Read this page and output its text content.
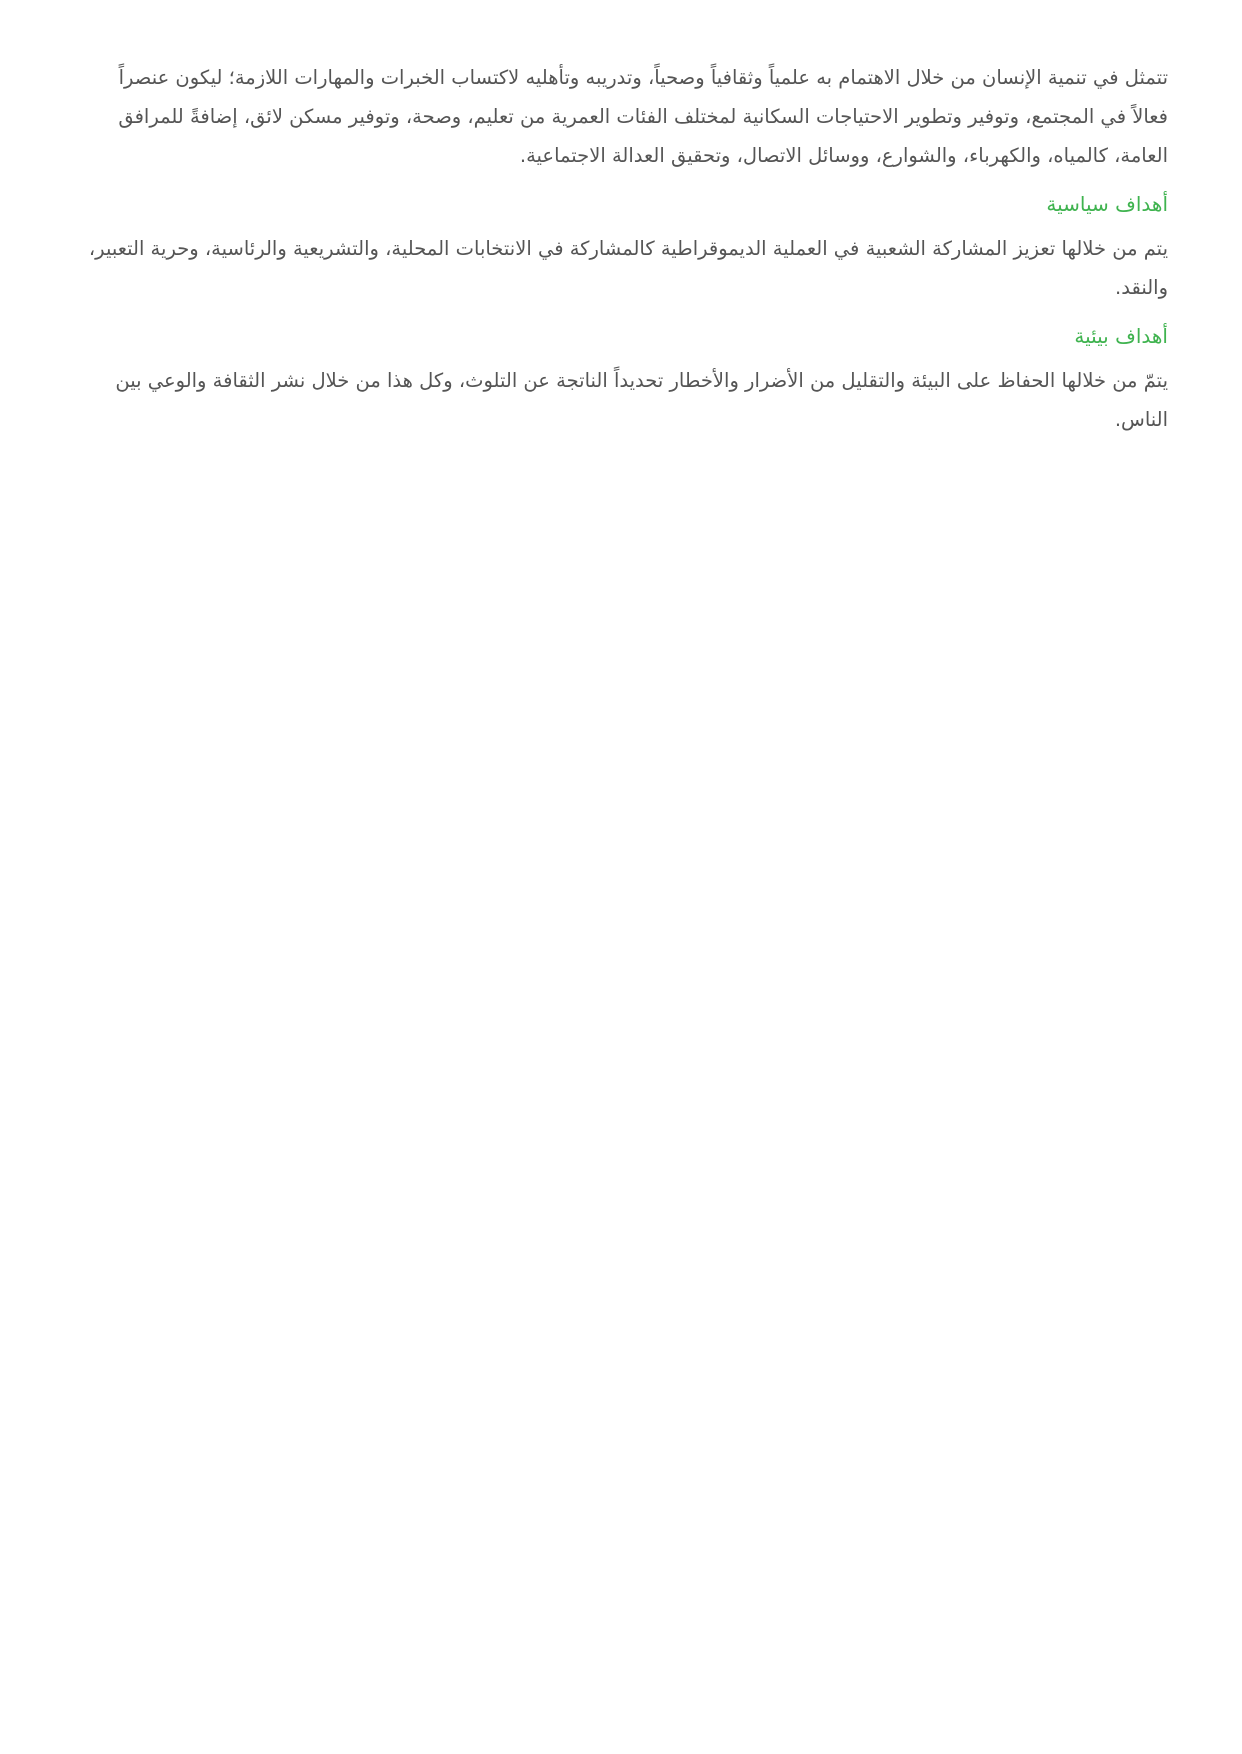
تتمثل في تنمية الإنسان من خلال الاهتمام به علمياً وثقافياً وصحياً، وتدريبه وتأهليه لاكتساب الخبرات والمهارات اللازمة؛ ليكون عنصراً فعالاً في المجتمع، وتوفير وتطوير الاحتياجات السكانية لمختلف الفئات العمرية من تعليم، وصحة، وتوفير مسكن لائق، إضافةً للمرافق العامة، كالمياه، والكهرباء، والشوارع، ووسائل الاتصال، وتحقيق العدالة الاجتماعية.

أهداف سياسية

يتم من خلالها تعزيز المشاركة الشعبية في العملية الديموقراطية كالمشاركة في الانتخابات المحلية، والتشريعية والرئاسية، وحرية التعبير، والنقد.

أهداف بيئية

يتمّ من خلالها الحفاظ على البيئة والتقليل من الأضرار والأخطار تحديداً الناتجة عن التلوث، وكل هذا من خلال نشر الثقافة والوعي بين الناس.
